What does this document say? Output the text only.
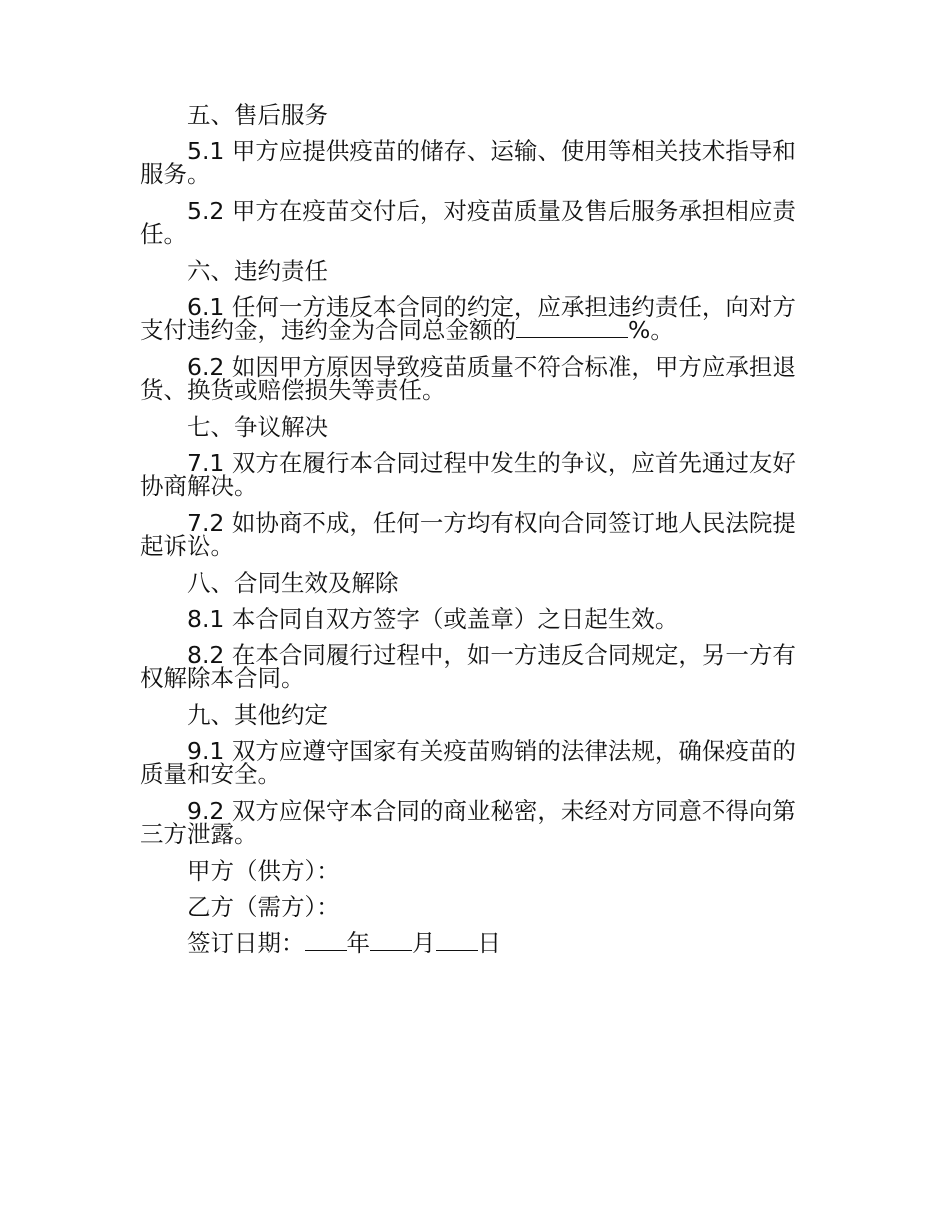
五、售后服务

5.1 甲方应提供疫苗的储存、运输、使用等相关技术指导和服务。

5.2 甲方在疫苗交付后，对疫苗质量及售后服务承担相应责任。

六、违约责任

6.1 任何一方违反本合同的约定，应承担违约责任，向对方支付违约金，违约金为合同总金额的	%。

6.2 如因甲方原因导致疫苗质量不符合标准，甲方应承担退货、换货或赔偿损失等责任。

七、争议解决

7.1 双方在履行本合同过程中发生的争议，应首先通过友好协商解决。

7.2 如协商不成，任何一方均有权向合同签订地人民法院提起诉讼。

八、合同生效及解除

8.1 本合同自双方签字（或盖章）之日起生效。

8.2 在本合同履行过程中，如一方违反合同规定，另一方有权解除本合同。

九、其他约定

9.1 双方应遵守国家有关疫苗购销的法律法规，确保疫苗的质量和安全。

9.2 双方应保守本合同的商业秘密，未经对方同意不得向第三方泄露。

甲方（供方）：

乙方（需方）：

签订日期： 年 月 日
